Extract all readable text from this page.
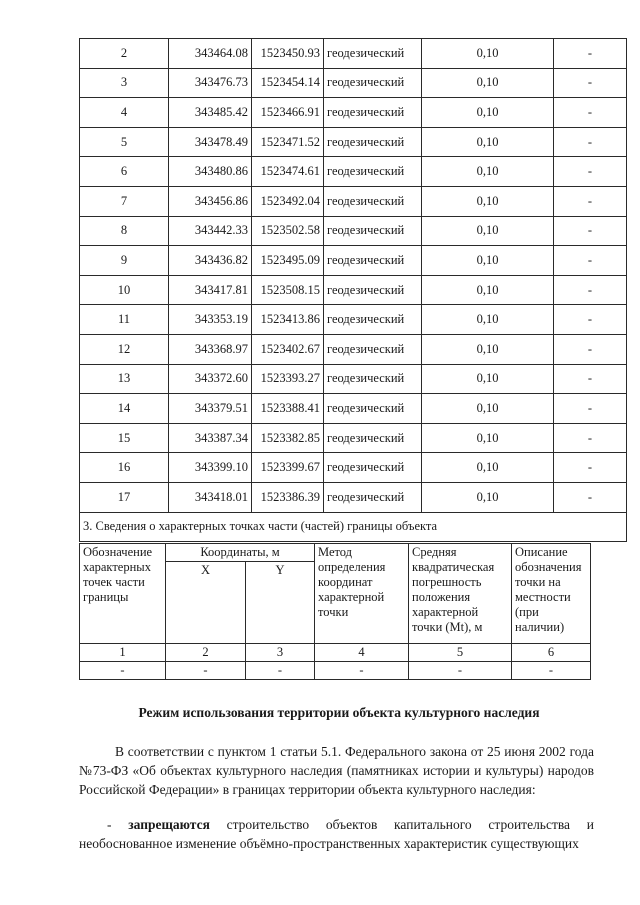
2	343464.08	1523450.93	геодезический	0,10	-
3	343476.73	1523454.14	геодезический	0,10	-
4	343485.42	1523466.91	геодезический	0,10	-
5	343478.49	1523471.52	геодезический	0,10	-
6	343480.86	1523474.61	геодезический	0,10	-
7	343456.86	1523492.04	геодезический	0,10	-
8	343442.33	1523502.58	геодезический	0,10	-
9	343436.82	1523495.09	геодезический	0,10	-
10	343417.81	1523508.15	геодезический	0,10	-
11	343353.19	1523413.86	геодезический	0,10	-
12	343368.97	1523402.67	геодезический	0,10	-
13	343372.60	1523393.27	геодезический	0,10	-
14	343379.51	1523388.41	геодезический	0,10	-
15	343387.34	1523382.85	геодезический	0,10	-
16	343399.10	1523399.67	геодезический	0,10	-
17	343418.01	1523386.39	геодезический	0,10	-
3. Сведения о характерных точках части (частей) границы объекта					
Обозначение характерных точек части границы	Координаты, м		Метод определения координат характерной точки	Средняя квадратическая погрешность положения характерной точки (Mt), м	Описание обозначения точки на местности (при наличии)
	X	Y			
1	2	3	4	5	6
-	-	-	-	-	-
Режим использования территории объекта культурного наследия
В соответствии с пунктом 1 статьи 5.1. Федерального закона от 25 июня 2002 года №73-ФЗ «Об объектах культурного наследия (памятниках истории и культуры) народов Российской Федерации» в границах территории объекта культурного наследия:
- запрещаются строительство объектов капитального строительства и необоснованное изменение объёмно-пространственных характеристик существующих
